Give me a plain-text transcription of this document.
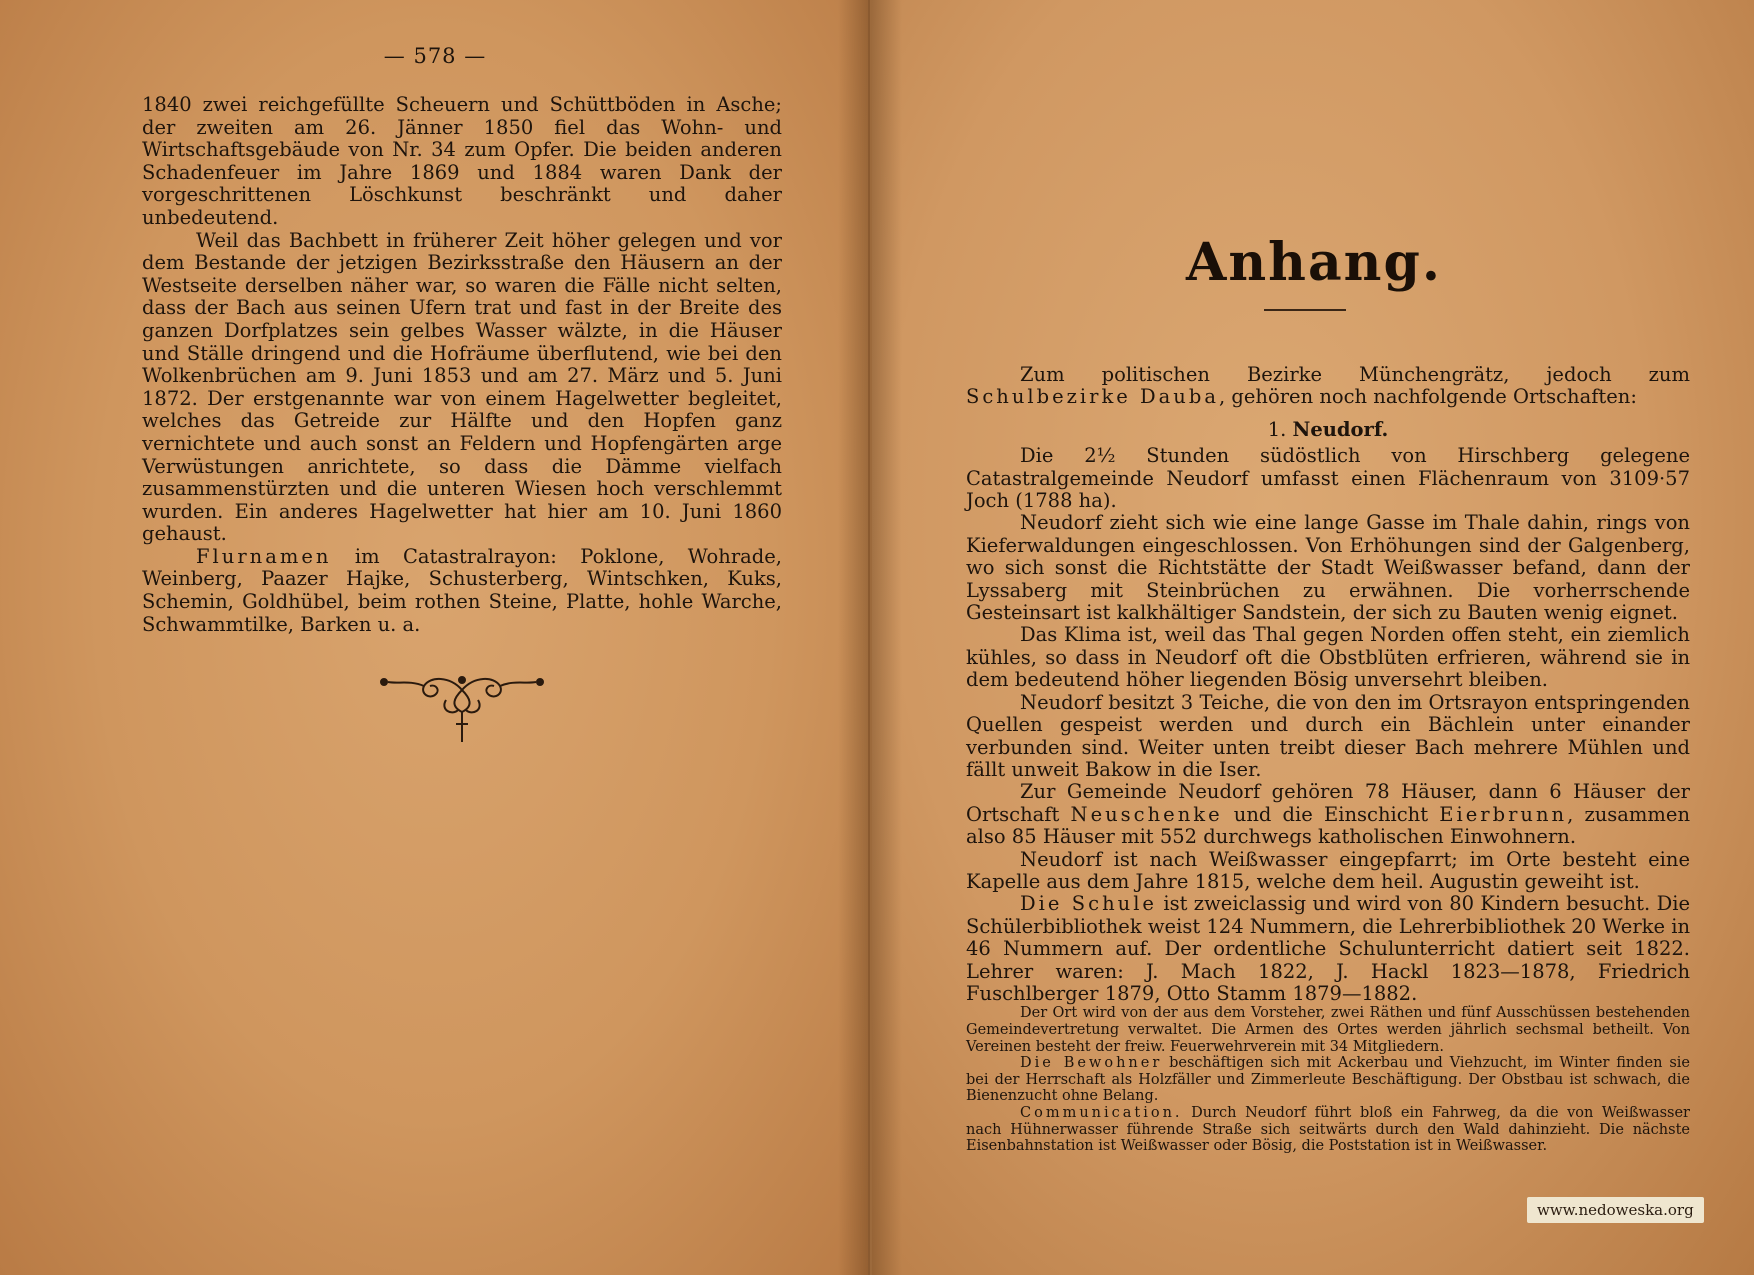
— 578 —

1840 zwei reichgefüllte Scheuern und Schüttböden in Asche; der zweiten am 26. Jänner 1850 fiel das Wohn- und Wirtschaftsgebäude von Nr. 34 zum Opfer. Die beiden anderen Schadenfeuer im Jahre 1869 und 1884 waren Dank der vorgeschrittenen Löschkunst beschränkt und daher unbedeutend.

Weil das Bachbett in früherer Zeit höher gelegen und vor dem Bestande der jetzigen Bezirksstraße den Häusern an der Westseite derselben näher war, so waren die Fälle nicht selten, dass der Bach aus seinen Ufern trat und fast in der Breite des ganzen Dorfplatzes sein gelbes Wasser wälzte, in die Häuser und Ställe dringend und die Hofräume überflutend, wie bei den Wolkenbrüchen am 9. Juni 1853 und am 27. März und 5. Juni 1872. Der erstgenannte war von einem Hagelwetter begleitet, welches das Getreide zur Hälfte und den Hopfen ganz vernichtete und auch sonst an Feldern und Hopfengärten arge Verwüstungen anrichtete, so dass die Dämme vielfach zusammenstürzten und die unteren Wiesen hoch verschlemmt wurden. Ein anderes Hagelwetter hat hier am 10. Juni 1860 gehaust.

Flurnamen im Catastralrayon: Poklone, Wohrade, Weinberg, Paazer Hajke, Schusterberg, Wintschken, Kuks, Schemin, Goldhübel, beim rothen Steine, Platte, hohle Warche, Schwammtilke, Barken u. a.

Anhang.

Zum politischen Bezirke Münchengrätz, jedoch zum Schulbezirke Dauba, gehören noch nachfolgende Ortschaften:

1. Neudorf.

Die 2½ Stunden südöstlich von Hirschberg gelegene Catastralgemeinde Neudorf umfasst einen Flächenraum von 3109·57 Joch (1788 ha).

Neudorf zieht sich wie eine lange Gasse im Thale dahin, rings von Kieferwaldungen eingeschlossen. Von Erhöhungen sind der Galgenberg, wo sich sonst die Richtstätte der Stadt Weißwasser befand, dann der Lyssaberg mit Steinbrüchen zu erwähnen. Die vorherrschende Gesteinsart ist kalkhältiger Sandstein, der sich zu Bauten wenig eignet.

Das Klima ist, weil das Thal gegen Norden offen steht, ein ziemlich kühles, so dass in Neudorf oft die Obstblüten erfrieren, während sie in dem bedeutend höher liegenden Bösig unversehrt bleiben.

Neudorf besitzt 3 Teiche, die von den im Ortsrayon entspringenden Quellen gespeist werden und durch ein Bächlein unter einander verbunden sind. Weiter unten treibt dieser Bach mehrere Mühlen und fällt unweit Bakow in die Iser.

Zur Gemeinde Neudorf gehören 78 Häuser, dann 6 Häuser der Ortschaft Neuschenke und die Einschicht Eierbrunn, zusammen also 85 Häuser mit 552 durchwegs katholischen Einwohnern.

Neudorf ist nach Weißwasser eingepfarrt; im Orte besteht eine Kapelle aus dem Jahre 1815, welche dem heil. Augustin geweiht ist.

Die Schule ist zweiclassig und wird von 80 Kindern besucht. Die Schülerbibliothek weist 124 Nummern, die Lehrerbibliothek 20 Werke in 46 Nummern auf. Der ordentliche Schulunterricht datiert seit 1822. Lehrer waren: J. Mach 1822, J. Hackl 1823—1878, Friedrich Fuschlberger 1879, Otto Stamm 1879—1882.

Der Ort wird von der aus dem Vorsteher, zwei Räthen und fünf Ausschüssen bestehenden Gemeindevertretung verwaltet. Die Armen des Ortes werden jährlich sechsmal betheilt. Von Vereinen besteht der freiw. Feuerwehrverein mit 34 Mitgliedern.

Die Bewohner beschäftigen sich mit Ackerbau und Viehzucht, im Winter finden sie bei der Herrschaft als Holzfäller und Zimmerleute Beschäftigung. Der Obstbau ist schwach, die Bienenzucht ohne Belang.

Communication. Durch Neudorf führt bloß ein Fahrweg, da die von Weißwasser nach Hühnerwasser führende Straße sich seitwärts durch den Wald dahinzieht. Die nächste Eisenbahnstation ist Weißwasser oder Bösig, die Poststation ist in Weißwasser.

www.nedoweska.org
